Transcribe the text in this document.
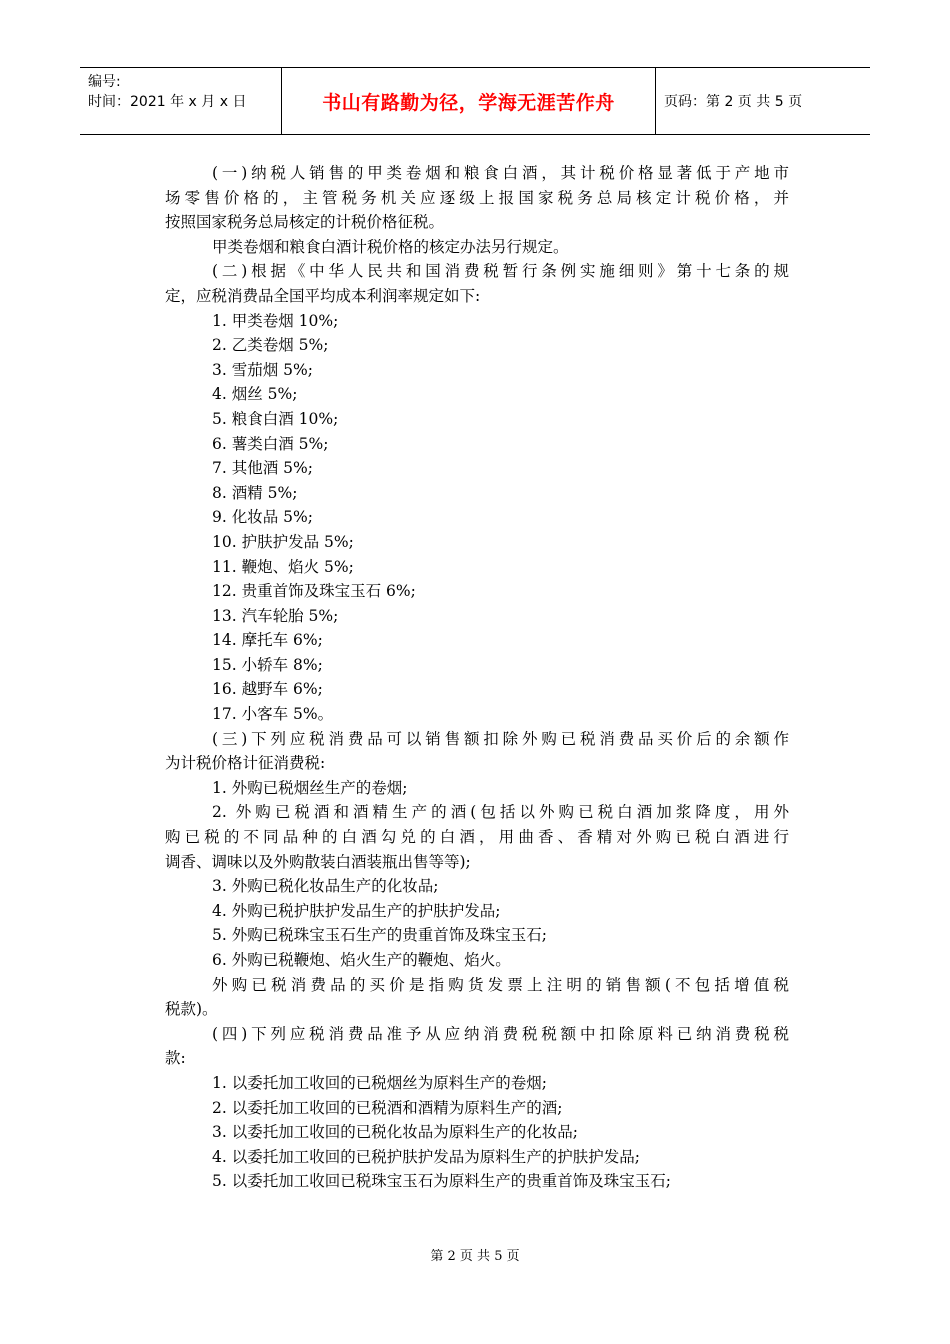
编号:
时间：2021 年 x 月 x 日	书山有路勤为径，学海无涯苦作舟	页码：第 2 页 共 5 页
(一)纳税人销售的甲类卷烟和粮食白酒，其计税价格显著低于产地市
场零售价格的，主管税务机关应逐级上报国家税务总局核定计税价格，并
按照国家税务总局核定的计税价格征税。
甲类卷烟和粮食白酒计税价格的核定办法另行规定。
(二)根据《中华人民共和国消费税暂行条例实施细则》第十七条的规
定，应税消费品全国平均成本利润率规定如下:
1. 甲类卷烟 10%;
2. 乙类卷烟 5%;
3. 雪茄烟 5%;
4. 烟丝 5%;
5. 粮食白酒 10%;
6. 薯类白酒 5%;
7. 其他酒 5%;
8. 酒精 5%;
9. 化妆品 5%;
10. 护肤护发品 5%;
11. 鞭炮、焰火 5%;
12. 贵重首饰及珠宝玉石 6%;
13. 汽车轮胎 5%;
14. 摩托车 6%;
15. 小轿车 8%;
16. 越野车 6%;
17. 小客车 5%。
(三)下列应税消费品可以销售额扣除外购已税消费品买价后的余额作
为计税价格计征消费税:
1. 外购已税烟丝生产的卷烟;
2. 外购已税酒和酒精生产的酒(包括以外购已税白酒加浆降度，用外
购已税的不同品种的白酒勾兑的白酒，用曲香、香精对外购已税白酒进行
调香、调味以及外购散装白酒装瓶出售等等);
3. 外购已税化妆品生产的化妆品;
4. 外购已税护肤护发品生产的护肤护发品;
5. 外购已税珠宝玉石生产的贵重首饰及珠宝玉石;
6. 外购已税鞭炮、焰火生产的鞭炮、焰火。
外购已税消费品的买价是指购货发票上注明的销售额(不包括增值税
税款)。
(四)下列应税消费品准予从应纳消费税税额中扣除原料已纳消费税税
款:
1. 以委托加工收回的已税烟丝为原料生产的卷烟;
2. 以委托加工收回的已税酒和酒精为原料生产的酒;
3. 以委托加工收回的已税化妆品为原料生产的化妆品;
4. 以委托加工收回的已税护肤护发品为原料生产的护肤护发品;
5. 以委托加工收回已税珠宝玉石为原料生产的贵重首饰及珠宝玉石;
第 2 页 共 5 页
